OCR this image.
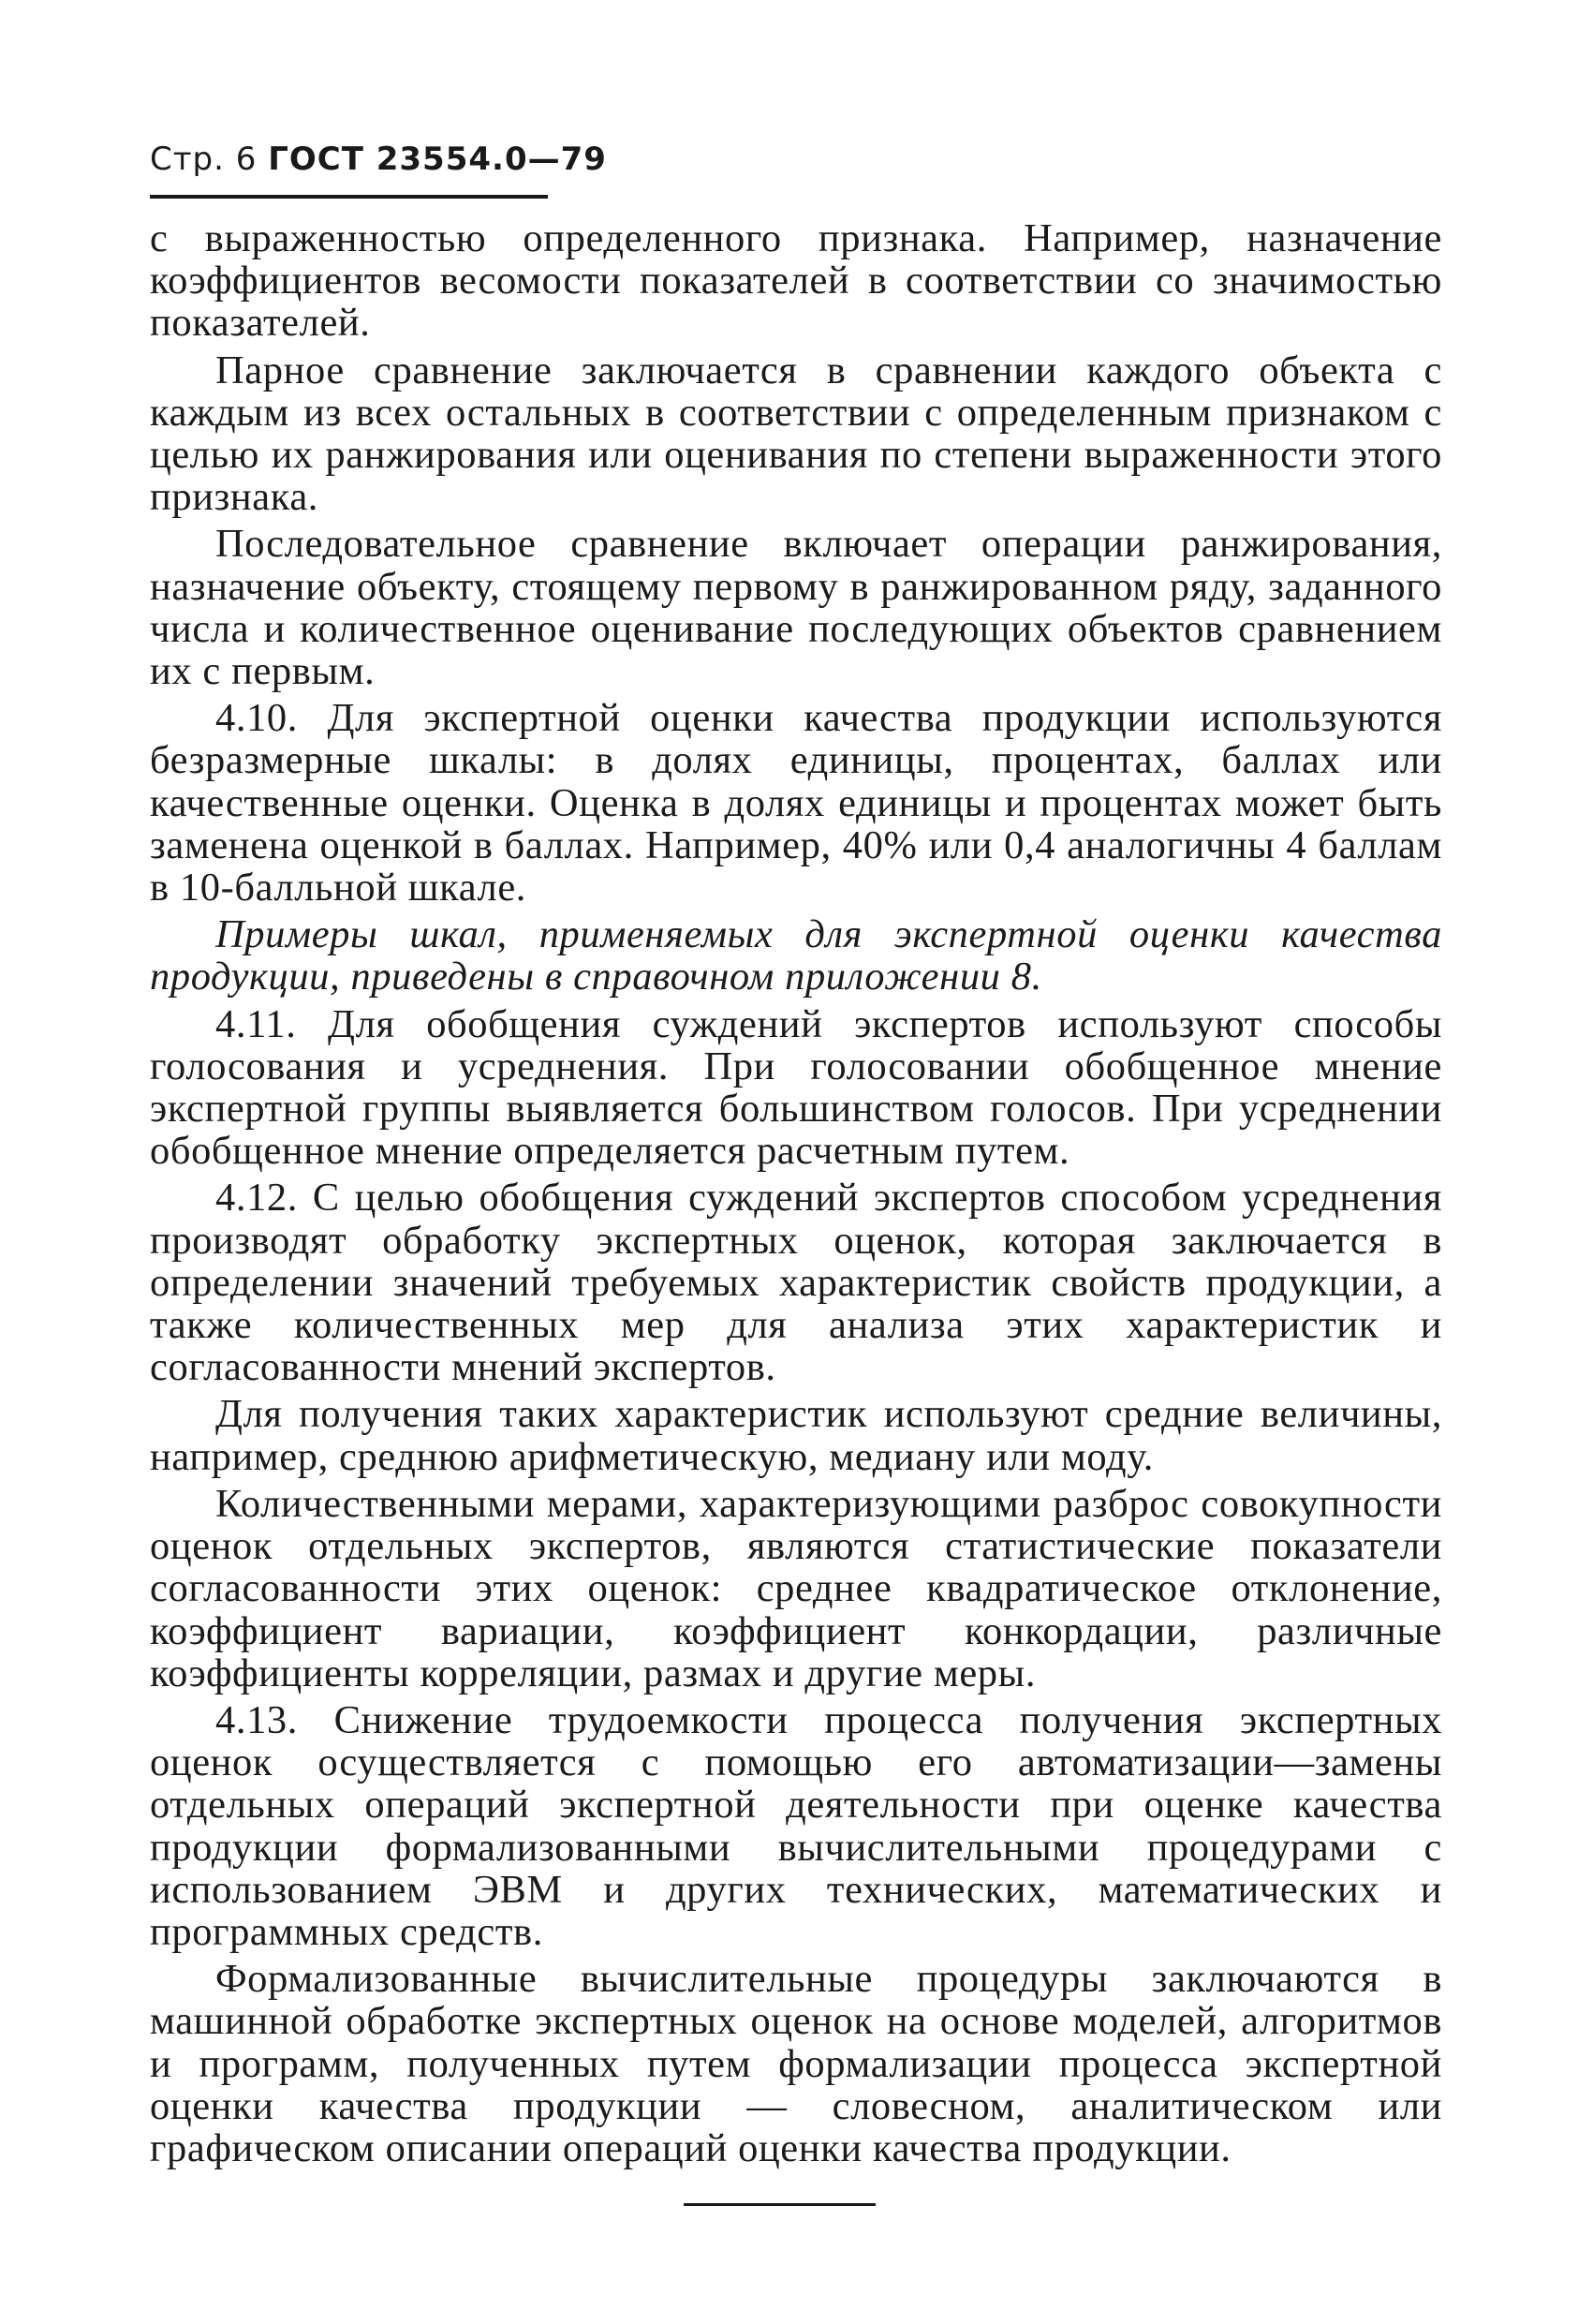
Стр. 6 ГОСТ 23554.0—79

с выраженностью определенного признака. Например, назначение коэффициентов весомости показателей в соответствии со значимостью показателей.

Парное сравнение заключается в сравнении каждого объекта с каждым из всех остальных в соответствии с определенным признаком с целью их ранжирования или оценивания по степени выраженности этого признака.

Последовательное сравнение включает операции ранжирования, назначение объекту, стоящему первому в ранжированном ряду, заданного числа и количественное оценивание последующих объектов сравнением их с первым.

4.10. Для экспертной оценки качества продукции используются безразмерные шкалы: в долях единицы, процентах, баллах или качественные оценки. Оценка в долях единицы и процентах может быть заменена оценкой в баллах. Например, 40% или 0,4 аналогичны 4 баллам в 10-балльной шкале.

Примеры шкал, применяемых для экспертной оценки качества продукции, приведены в справочном приложении 8.

4.11. Для обобщения суждений экспертов используют способы голосования и усреднения. При голосовании обобщенное мнение экспертной группы выявляется большинством голосов. При усреднении обобщенное мнение определяется расчетным путем.

4.12. С целью обобщения суждений экспертов способом усреднения производят обработку экспертных оценок, которая заключается в определении значений требуемых характеристик свойств продукции, а также количественных мер для анализа этих характеристик и согласованности мнений экспертов.

Для получения таких характеристик используют средние величины, например, среднюю арифметическую, медиану или моду.

Количественными мерами, характеризующими разброс совокупности оценок отдельных экспертов, являются статистические показатели согласованности этих оценок: среднее квадратическое отклонение, коэффициент вариации, коэффициент конкордации, различные коэффициенты корреляции, размах и другие меры.

4.13. Снижение трудоемкости процесса получения экспертных оценок осуществляется с помощью его автоматизации—замены отдельных операций экспертной деятельности при оценке качества продукции формализованными вычислительными процедурами с использованием ЭВМ и других технических, математических и программных средств.

Формализованные вычислительные процедуры заключаются в машинной обработке экспертных оценок на основе моделей, алгоритмов и программ, полученных путем формализации процесса экспертной оценки качества продукции — словесном, аналитическом или графическом описании операций оценки качества продукции.
